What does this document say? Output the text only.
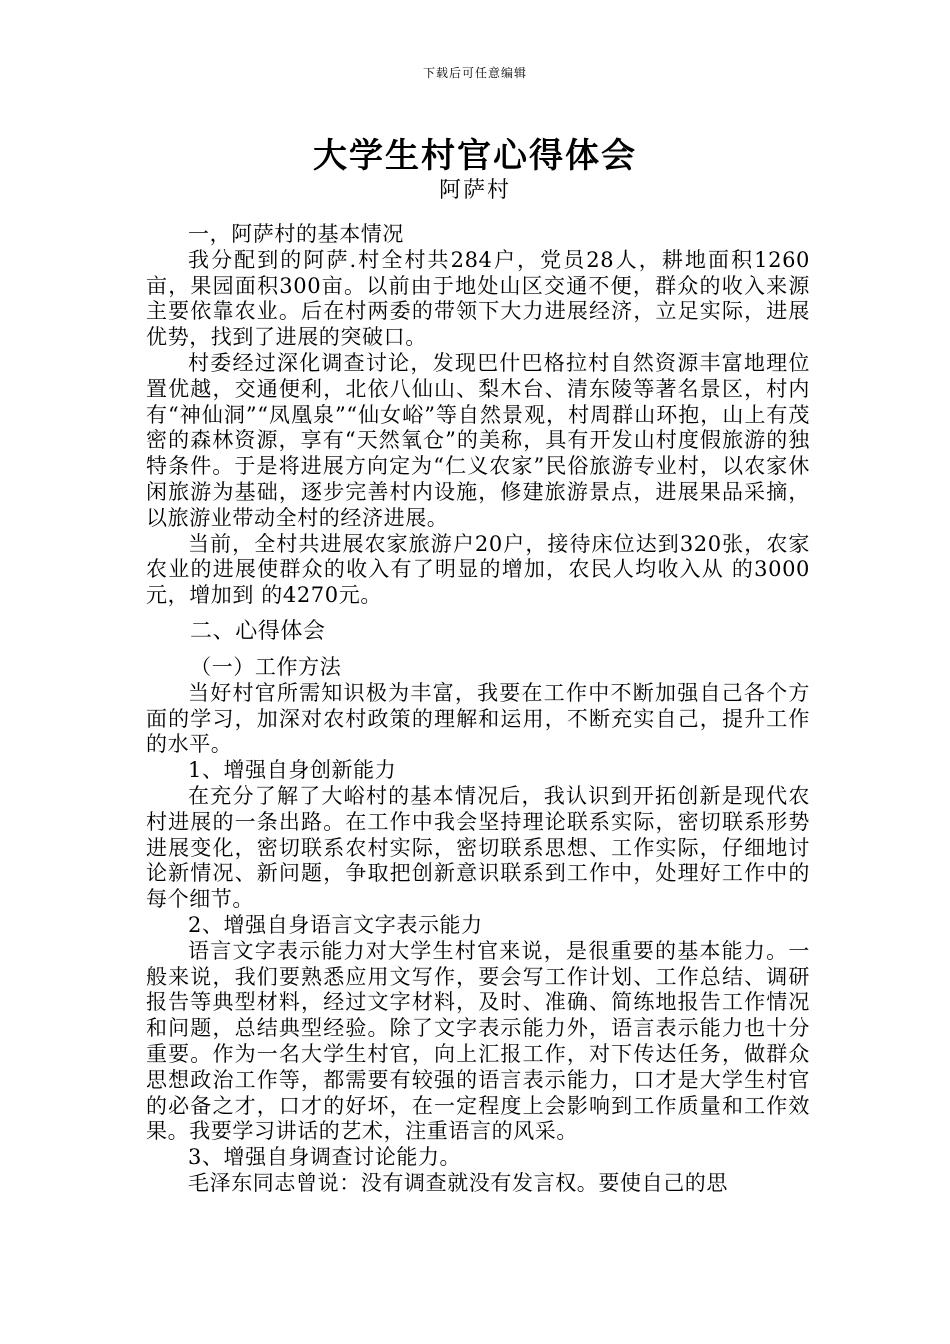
下载后可任意编辑
大学生村官心得体会
阿萨村
一，阿萨村的基本情况

我分配到的阿萨.村全村共284户，党员28人，耕地面积1260亩，果园面积300亩。以前由于地处山区交通不便，群众的收入来源主要依靠农业。后在村两委的带领下大力进展经济，立足实际，进展优势，找到了进展的突破口。

村委经过深化调查讨论，发现巴什巴格拉村自然资源丰富地理位置优越，交通便利，北依八仙山、梨木台、清东陵等著名景区，村内有“神仙洞”“凤凰泉”“仙女峪”等自然景观，村周群山环抱，山上有茂密的森林资源，享有“天然氧仓”的美称，具有开发山村度假旅游的独特条件。于是将进展方向定为“仁义农家”民俗旅游专业村，以农家休闲旅游为基础，逐步完善村内设施，修建旅游景点，进展果品采摘，以旅游业带动全村的经济进展。

当前，全村共进展农家旅游户20户，接待床位达到320张，农家农业的进展使群众的收入有了明显的增加，农民人均收入从 的3000元，增加到 的4270元。

二、心得体会
（一）工作方法

当好村官所需知识极为丰富，我要在工作中不断加强自己各个方面的学习，加深对农村政策的理解和运用，不断充实自己，提升工作的水平。

1、增强自身创新能力

在充分了解了大峪村的基本情况后，我认识到开拓创新是现代农村进展的一条出路。在工作中我会坚持理论联系实际，密切联系形势进展变化，密切联系农村实际，密切联系思想、工作实际，仔细地讨论新情况、新问题，争取把创新意识联系到工作中，处理好工作中的每个细节。

2、增强自身语言文字表示能力

语言文字表示能力对大学生村官来说，是很重要的基本能力。一般来说，我们要熟悉应用文写作，要会写工作计划、工作总结、调研报告等典型材料，经过文字材料，及时、准确、简练地报告工作情况和问题，总结典型经验。除了文字表示能力外，语言表示能力也十分重要。作为一名大学生村官，向上汇报工作，对下传达任务，做群众思想政治工作等，都需要有较强的语言表示能力，口才是大学生村官的必备之才，口才的好坏，在一定程度上会影响到工作质量和工作效果。我要学习讲话的艺术，注重语言的风采。

3、增强自身调查讨论能力。

毛泽东同志曾说：没有调查就没有发言权。要使自己的思
